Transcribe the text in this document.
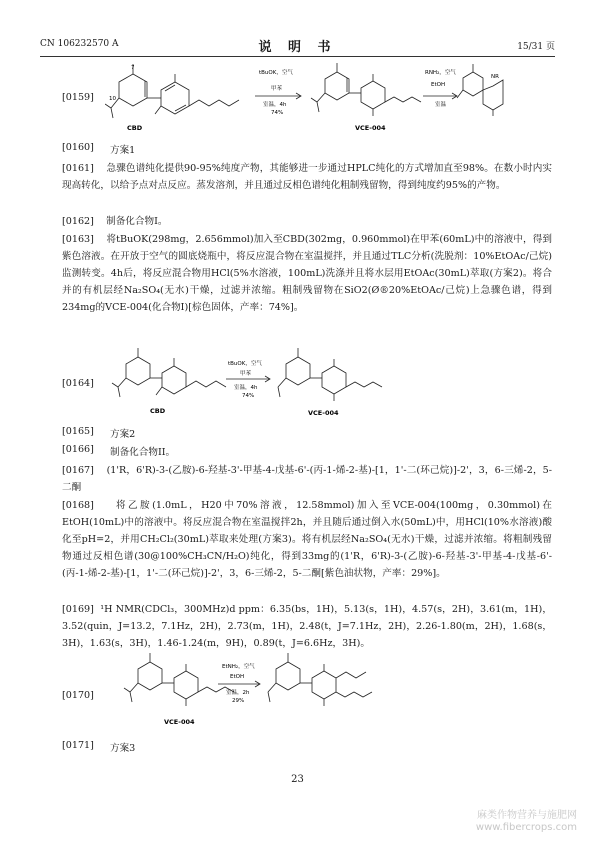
CN 106232570 A	说 明 书	15/31 页
[0159]
CBD	VCE-004
tBuOK，空气
甲苯
室温，4h
74%
RNH₂，空气
EtOH
室温
NR
10
7
[0160] 方案1
[0161] 急骤色谱纯化提供90-95%纯度产物，其能够进一步通过HPLC纯化的方式增加直至98%。在数小时内实现高转化，以给予点对点反应。蒸发溶剂，并且通过反相色谱纯化粗制残留物，得到纯度约95%的产物。
[0162] 制备化合物I。
[0163] 将tBuOK(298mg，2.656mmol)加入至CBD(302mg，0.960mmol)在甲苯(60mL)中的溶液中，得到紫色溶液。在开放于空气的圆底烧瓶中，将反应混合物在室温搅拌，并且通过TLC分析(洗脱剂：10%EtOAc/己烷)监测转变。4h后，将反应混合物用HCl(5%水溶液，100mL)洗涤并且将水层用EtOAc(30mL)萃取(方案2)。将合并的有机层经Na₂SO₄(无水)干燥，过滤并浓缩。粗制残留物在SiO2(Ø®20%EtOAc/己烷)上急骤色谱，得到234mg的VCE-004(化合物I)[棕色固体，产率：74%]。
[0164]
CBD	VCE-004
tBuOK，空气
甲苯
室温，4h
74%
[0165] 方案2
[0166] 制备化合物II。
[0167] (1'R，6'R)-3-(乙胺)-6-羟基-3'-甲基-4-戊基-6'-(丙-1-烯-2-基)-[1，1'-二(环己烷)]-2'，3，6-三烯-2，5-二酮
[0168] 将乙胺(1.0mL，H20中70%溶液，12.58mmol)加入至VCE-004(100mg，0.30mmol)在EtOH(10mL)中的溶液中。将反应混合物在室温搅拌2h，并且随后通过倒入水(50mL)中，用HCl(10%水溶液)酸化至pH=2，并用CH₂Cl₂(30mL)萃取来处理(方案3)。将有机层经Na₂SO₄(无水)干燥，过滤并浓缩。将粗制残留物通过反相色谱(30@100%CH₃CN/H₂O)纯化，得到33mg的(1'R，6'R)-3-(乙胺)-6-羟基-3'-甲基-4-戊基-6'-(丙-1-烯-2-基)-[1，1'-二(环己烷)]-2'，3，6-三烯-2，5-二酮[紫色油状物，产率：29%]。
[0169] ¹H NMR(CDCl₃，300MHz)d ppm：6.35(bs，1H)，5.13(s，1H)，4.57(s，2H)，3.61(m，1H)，3.52(quin，J=13.2，7.1Hz，2H)，2.73(m，1H)，2.48(t，J=7.1Hz，2H)，2.26-1.80(m，2H)，1.68(s，3H)，1.63(s，3H)，1.46-1.24(m，9H)，0.89(t，J=6.6Hz，3H)。
[0170]
VCE-004
EtNH₂，空气
EtOH
室温，2h
29%
[0171] 方案3
23
麻类作物营养与施肥网
www.fibercrops.com
